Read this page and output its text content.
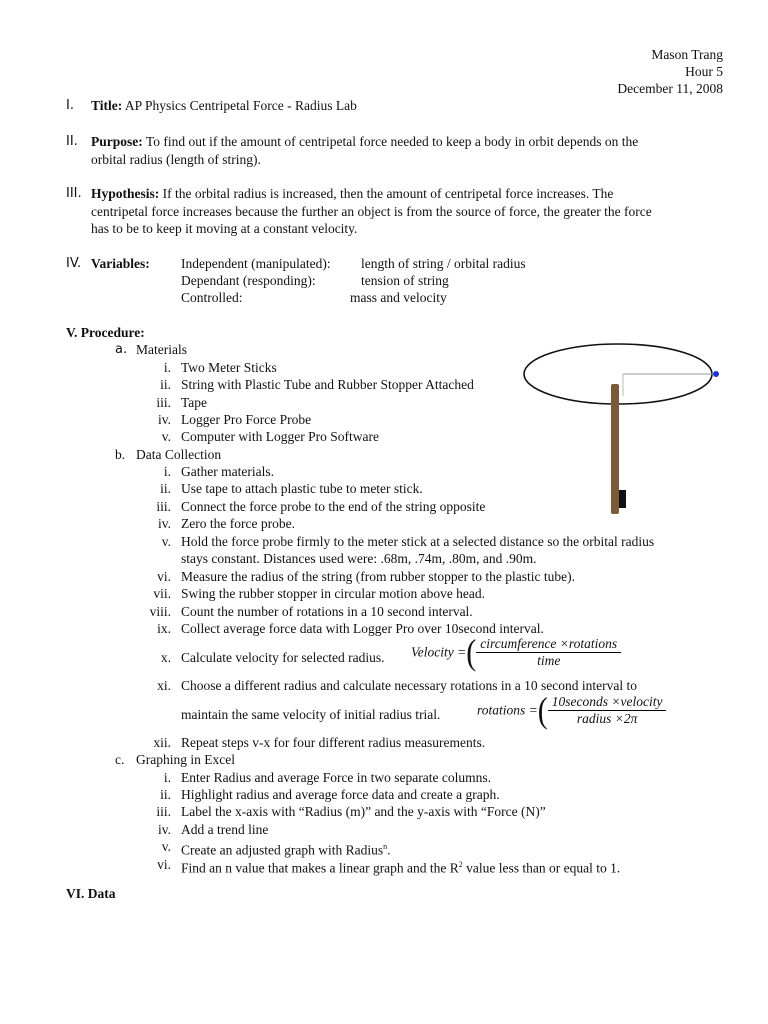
Mason Trang
Hour 5
December 11, 2008
I. Title: AP Physics Centripetal Force - Radius Lab
II. Purpose: To find out if the amount of centripetal force needed to keep a body in orbit depends on the
orbital radius (length of string).
III. Hypothesis: If the orbital radius is increased, then the amount of centripetal force increases. The
centripetal force increases because the further an object is from the source of force, the greater the force
has to be to keep it moving at a constant velocity.
IV. Variables: Independent (manipulated): length of string / orbital radius
Dependant (responding):	tension of string
Controlled:	mass and velocity
V. Procedure:
a. Materials
i. Two Meter Sticks
ii. String with Plastic Tube and Rubber Stopper Attached
iii. Tape
iv. Logger Pro Force Probe
v. Computer with Logger Pro Software
b. Data Collection
i. Gather materials.
ii. Use tape to attach plastic tube to meter stick.
iii. Connect the force probe to the end of the string opposite
iv. Zero the force probe.
v. Hold the force probe firmly to the meter stick at a selected distance so the orbital radius
stays constant. Distances used were: .68m, .74m, .80m, and .90m.
vi. Measure the radius of the string (from rubber stopper to the plastic tube).
vii. Swing the rubber stopper in circular motion above head.
viii. Count the number of rotations in a 10 second interval.
ix. Collect average force data with Logger Pro over 10second interval.
x. Calculate velocity for selected radius. Velocity =( $\frac{\text{circumference ×rotations}}{\text{time}}$
xi. Choose a different radius and calculate necessary rotations in a 10 second interval to
maintain the same velocity of initial radius trial.	rotations =( $\frac{\text{10seconds ×velocity}}{\text{radius ×2π}}$
xii. Repeat steps v-x for four different radius measurements.
c. Graphing in Excel
i. Enter Radius and average Force in two separate columns.
ii. Highlight radius and average force data and create a graph.
iii. Label the x-axis with “Radius (m)” and the y-axis with “Force (N)”
iv. Add a trend line
v. Create an adjusted graph with Radius$^n$.
vi. Find an n value that makes a linear graph and the $R^2$ value less than or equal to 1.
VI. Data
